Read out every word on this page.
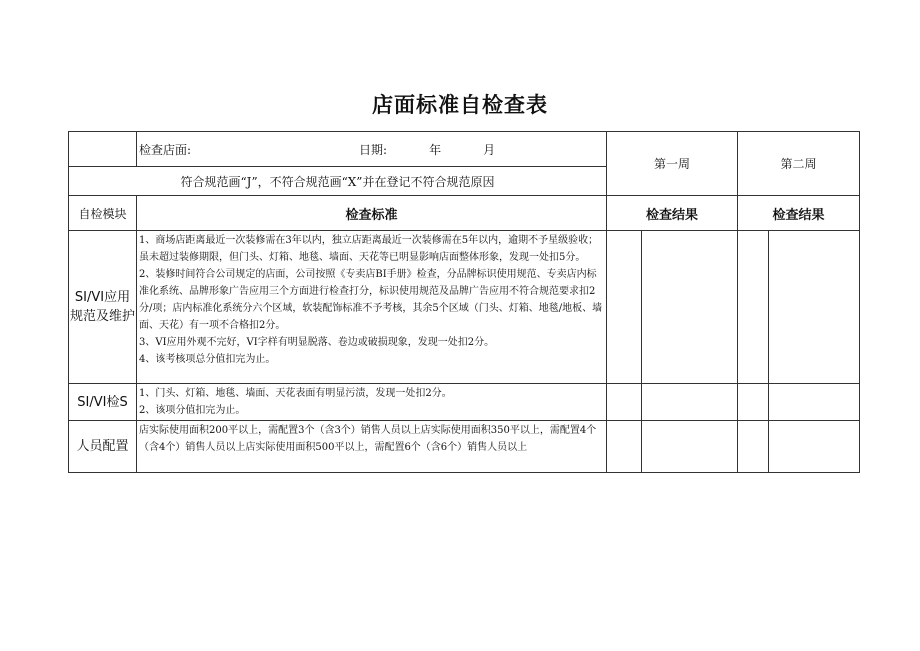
店面标准自检查表

	检查店面: 日期: 年 月	第一周		第二周	
符合规范画“J”，不符合规范画“X”并在登记不符合规范原因					
自检模块	检查标准	检查结果		检查结果	
SI/VI应用规范及维护	1、商场店距离最近一次装修需在3年以内，独立店距离最近一次装修需在5年以内，逾期不予星级验收；虽未超过装修期限，但门头、灯箱、地毯、墙面、天花等已明显影响店面整体形象，发现一处扣5分。
2、装修时间符合公司规定的店面，公司按照《专卖店BI手册》检查，分品牌标识使用规范、专卖店内标准化系统、品牌形象广告应用三个方面进行检查打分，标识使用规范及品牌广告应用不符合规范要求扣2分/项；店内标准化系统分六个区域，软装配饰标准不予考核，其余5个区域（门头、灯箱、地毯/地板、墙面、天花）有一项不合格扣2分。
3、VI应用外观不完好，VI字样有明显脱落、卷边或破损现象，发现一处扣2分。
4、该考核项总分值扣完为止。				

SI/VI检S	1、门头、灯箱、地毯、墙面、天花表面有明显污渍，发现一处扣2分。
2、该项分值扣完为止。				

人员配置	店实际使用面积200平以上，需配置3个（含3个）销售人员以上店实际使用面积350平以上，需配置4个（含4个）销售人员以上店实际使用面积500平以上，需配置6个（含6个）销售人员以上				
